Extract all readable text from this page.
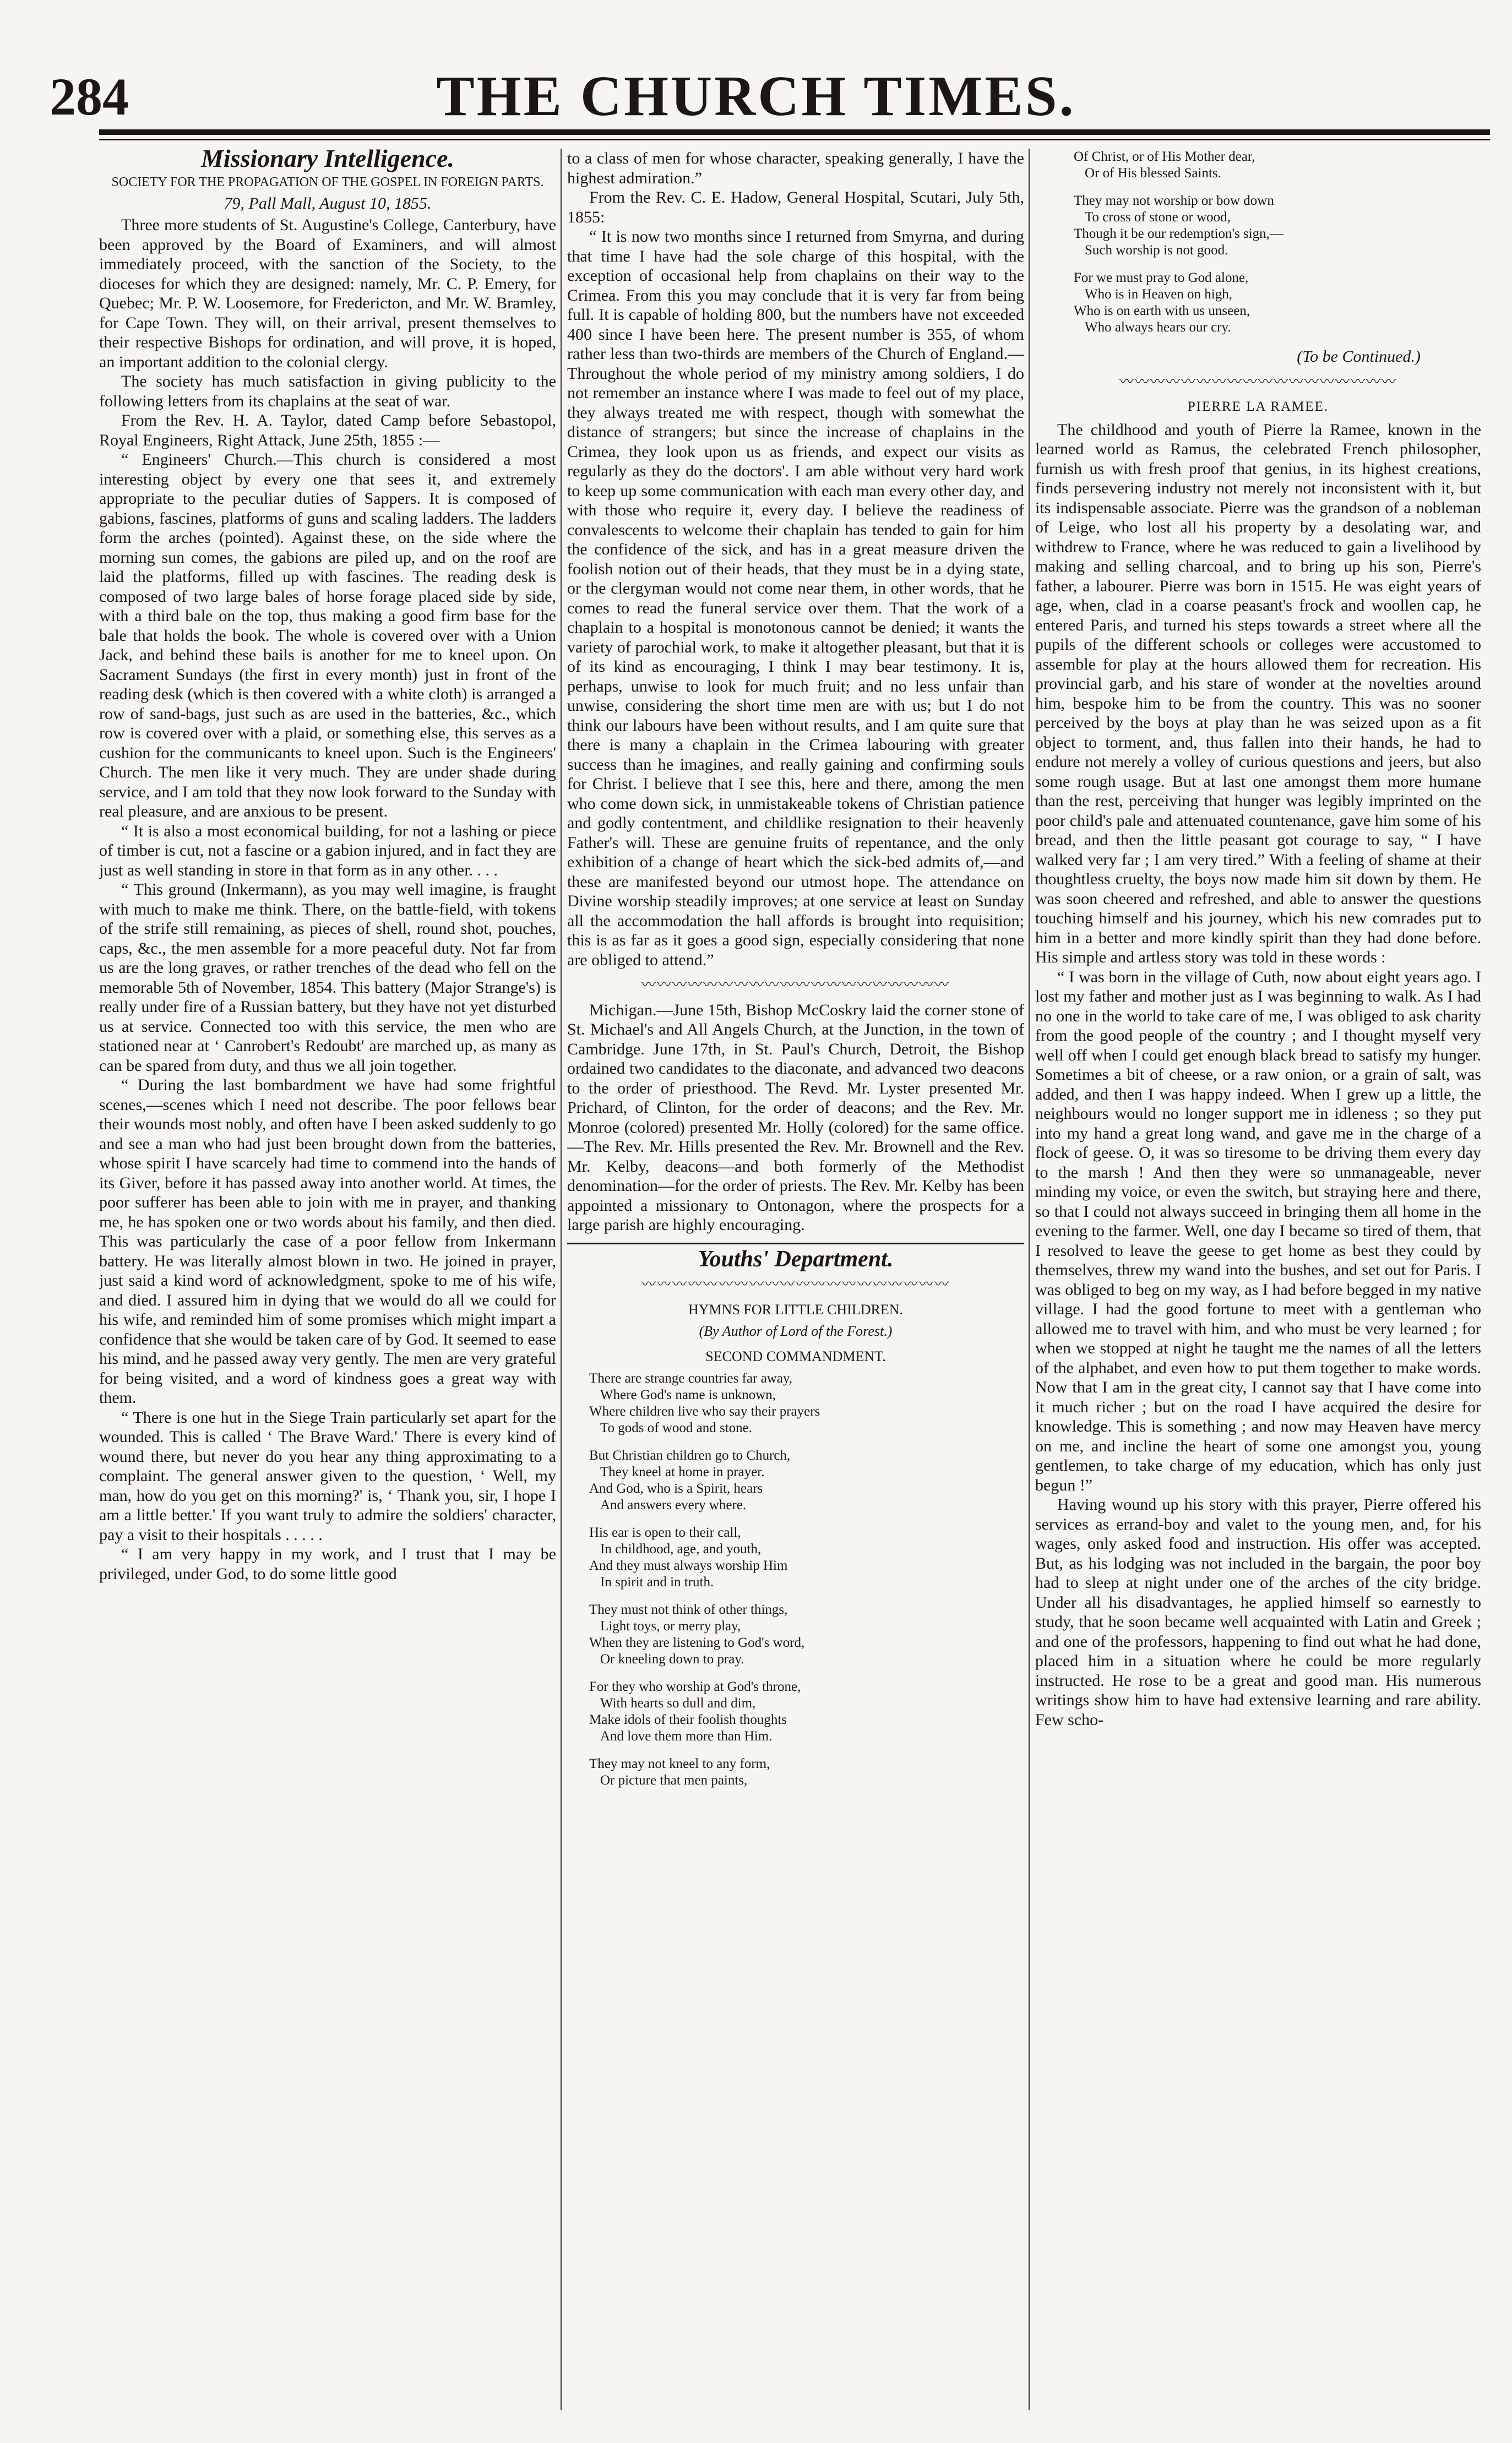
284	THE CHURCH TIMES.
Missionary Intelligence.
SOCIETY FOR THE PROPAGATION OF THE GOSPEL IN FOREIGN PARTS.
79, Pall Mall, August 10, 1855.

Three more students of St. Augustine's College, Canterbury, have been approved by the Board of Examiners, and will almost immediately proceed, with the sanction of the Society, to the dioceses for which they are designed: namely, Mr. C. P. Emery, for Quebec; Mr. P. W. Loosemore, for Fredericton, and Mr. W. Bramley, for Cape Town. They will, on their arrival, present themselves to their respective Bishops for ordination, and will prove, it is hoped, an important addition to the colonial clergy.

The society has much satisfaction in giving publicity to the following letters from its chaplains at the seat of war.

From the Rev. H. A. Taylor, dated Camp before Sebastopol, Royal Engineers, Right Attack, June 25th, 1855 :—

“ Engineers' Church.—This church is considered a most interesting object by every one that sees it, and extremely appropriate to the peculiar duties of Sappers. It is composed of gabions, fascines, platforms of guns and scaling ladders. The ladders form the arches (pointed). Against these, on the side where the morning sun comes, the gabions are piled up, and on the roof are laid the platforms, filled up with fascines. The reading desk is composed of two large bales of horse forage placed side by side, with a third bale on the top, thus making a good firm base for the bale that holds the book. The whole is covered over with a Union Jack, and behind these bails is another for me to kneel upon. On Sacrament Sundays (the first in every month) just in front of the reading desk (which is then covered with a white cloth) is arranged a row of sand-bags, just such as are used in the batteries, &c., which row is covered over with a plaid, or something else, this serves as a cushion for the communicants to kneel upon. Such is the Engineers' Church. The men like it very much. They are under shade during service, and I am told that they now look forward to the Sunday with real pleasure, and are anxious to be present.

“ It is also a most economical building, for not a lashing or piece of timber is cut, not a fascine or a gabion injured, and in fact they are just as well standing in store in that form as in any other. . . .

“ This ground (Inkermann), as you may well imagine, is fraught with much to make me think. There, on the battle-field, with tokens of the strife still remaining, as pieces of shell, round shot, pouches, caps, &c., the men assemble for a more peaceful duty. Not far from us are the long graves, or rather trenches of the dead who fell on the memorable 5th of November, 1854. This battery (Major Strange's) is really under fire of a Russian battery, but they have not yet disturbed us at service. Connected too with this service, the men who are stationed near at ‘ Canrobert's Redoubt' are marched up, as many as can be spared from duty, and thus we all join together.

“ During the last bombardment we have had some frightful scenes,—scenes which I need not describe. The poor fellows bear their wounds most nobly, and often have I been asked suddenly to go and see a man who had just been brought down from the batteries, whose spirit I have scarcely had time to commend into the hands of its Giver, before it has passed away into another world. At times, the poor sufferer has been able to join with me in prayer, and thanking me, he has spoken one or two words about his family, and then died. This was particularly the case of a poor fellow from Inkermann battery. He was literally almost blown in two. He joined in prayer, just said a kind word of acknowledgment, spoke to me of his wife, and died. I assured him in dying that we would do all we could for his wife, and reminded him of some promises which might impart a confidence that she would be taken care of by God. It seemed to ease his mind, and he passed away very gently. The men are very grateful for being visited, and a word of kindness goes a great way with them.

“ There is one hut in the Siege Train particularly set apart for the wounded. This is called ‘ The Brave Ward.' There is every kind of wound there, but never do you hear any thing approximating to a complaint. The general answer given to the question, ‘ Well, my man, how do you get on this morning?' is, ‘ Thank you, sir, I hope I am a little better.' If you want truly to admire the soldiers' character, pay a visit to their hospitals . . . . .

“ I am very happy in my work, and I trust that I may be privileged, under God, to do some little good

to a class of men for whose character, speaking generally, I have the highest admiration.”

From the Rev. C. E. Hadow, General Hospital, Scutari, July 5th, 1855:

“ It is now two months since I returned from Smyrna, and during that time I have had the sole charge of this hospital, with the exception of occasional help from chaplains on their way to the Crimea. From this you may conclude that it is very far from being full. It is capable of holding 800, but the numbers have not exceeded 400 since I have been here. The present number is 355, of whom rather less than two-thirds are members of the Church of England.—Throughout the whole period of my ministry among soldiers, I do not remember an instance where I was made to feel out of my place, they always treated me with respect, though with somewhat the distance of strangers; but since the increase of chaplains in the Crimea, they look upon us as friends, and expect our visits as regularly as they do the doctors'. I am able without very hard work to keep up some communication with each man every other day, and with those who require it, every day. I believe the readiness of convalescents to welcome their chaplain has tended to gain for him the confidence of the sick, and has in a great measure driven the foolish notion out of their heads, that they must be in a dying state, or the clergyman would not come near them, in other words, that he comes to read the funeral service over them. That the work of a chaplain to a hospital is monotonous cannot be denied; it wants the variety of parochial work, to make it altogether pleasant, but that it is of its kind as encouraging, I think I may bear testimony. It is, perhaps, unwise to look for much fruit; and no less unfair than unwise, considering the short time men are with us; but I do not think our labours have been without results, and I am quite sure that there is many a chaplain in the Crimea labouring with greater success than he imagines, and really gaining and confirming souls for Christ. I believe that I see this, here and there, among the men who come down sick, in unmistakeable tokens of Christian patience and godly contentment, and childlike resignation to their heavenly Father's will. These are genuine fruits of repentance, and the only exhibition of a change of heart which the sick-bed admits of,—and these are manifested beyond our utmost hope. The attendance on Divine worship steadily improves; at one service at least on Sunday all the accommodation the hall affords is brought into requisition; this is as far as it goes a good sign, especially considering that none are obliged to attend.”

〰〰〰〰〰〰〰〰〰〰〰〰〰〰〰〰〰〰〰〰

Michigan.—June 15th, Bishop McCoskry laid the corner stone of St. Michael's and All Angels Church, at the Junction, in the town of Cambridge. June 17th, in St. Paul's Church, Detroit, the Bishop ordained two candidates to the diaconate, and advanced two deacons to the order of priesthood. The Revd. Mr. Lyster presented Mr. Prichard, of Clinton, for the order of deacons; and the Rev. Mr. Monroe (colored) presented Mr. Holly (colored) for the same office.—The Rev. Mr. Hills presented the Rev. Mr. Brownell and the Rev. Mr. Kelby, deacons—and both formerly of the Methodist denomination—for the order of priests. The Rev. Mr. Kelby has been appointed a missionary to Ontonagon, where the prospects for a large parish are highly encouraging.

Youths' Department.
〰〰〰〰〰〰〰〰〰〰〰〰〰〰〰〰〰〰〰〰
HYMNS FOR LITTLE CHILDREN.
(By Author of Lord of the Forest.)
SECOND COMMANDMENT.
There are strange countries far away,
Where God's name is unknown,
Where children live who say their prayers
To gods of wood and stone.
But Christian children go to Church,
They kneel at home in prayer.
And God, who is a Spirit, hears
And answers every where.
His ear is open to their call,
In childhood, age, and youth,
And they must always worship Him
In spirit and in truth.
They must not think of other things,
Light toys, or merry play,
When they are listening to God's word,
Or kneeling down to pray.
For they who worship at God's throne,
With hearts so dull and dim,
Make idols of their foolish thoughts
And love them more than Him.
They may not kneel to any form,
Or picture that men paints,
Of Christ, or of His Mother dear,
Or of His blessed Saints.
They may not worship or bow down
To cross of stone or wood,
Though it be our redemption's sign,—
Such worship is not good.
For we must pray to God alone,
Who is in Heaven on high,
Who is on earth with us unseen,
Who always hears our cry.
(To be Continued.)
〰〰〰〰〰〰〰〰〰〰〰〰〰〰〰〰〰〰
PIERRE LA RAMEE.

The childhood and youth of Pierre la Ramee, known in the learned world as Ramus, the celebrated French philosopher, furnish us with fresh proof that genius, in its highest creations, finds persevering industry not merely not inconsistent with it, but its indispensable associate. Pierre was the grandson of a nobleman of Leige, who lost all his property by a desolating war, and withdrew to France, where he was reduced to gain a livelihood by making and selling charcoal, and to bring up his son, Pierre's father, a labourer. Pierre was born in 1515. He was eight years of age, when, clad in a coarse peasant's frock and woollen cap, he entered Paris, and turned his steps towards a street where all the pupils of the different schools or colleges were accustomed to assemble for play at the hours allowed them for recreation. His provincial garb, and his stare of wonder at the novelties around him, bespoke him to be from the country. This was no sooner perceived by the boys at play than he was seized upon as a fit object to torment, and, thus fallen into their hands, he had to endure not merely a volley of curious questions and jeers, but also some rough usage. But at last one amongst them more humane than the rest, perceiving that hunger was legibly imprinted on the poor child's pale and attenuated countenance, gave him some of his bread, and then the little peasant got courage to say, “ I have walked very far ; I am very tired.” With a feeling of shame at their thoughtless cruelty, the boys now made him sit down by them. He was soon cheered and refreshed, and able to answer the questions touching himself and his journey, which his new comrades put to him in a better and more kindly spirit than they had done before. His simple and artless story was told in these words :

“ I was born in the village of Cuth, now about eight years ago. I lost my father and mother just as I was beginning to walk. As I had no one in the world to take care of me, I was obliged to ask charity from the good people of the country ; and I thought myself very well off when I could get enough black bread to satisfy my hunger. Sometimes a bit of cheese, or a raw onion, or a grain of salt, was added, and then I was happy indeed. When I grew up a little, the neighbours would no longer support me in idleness ; so they put into my hand a great long wand, and gave me in the charge of a flock of geese. O, it was so tiresome to be driving them every day to the marsh ! And then they were so unmanageable, never minding my voice, or even the switch, but straying here and there, so that I could not always succeed in bringing them all home in the evening to the farmer. Well, one day I became so tired of them, that I resolved to leave the geese to get home as best they could by themselves, threw my wand into the bushes, and set out for Paris. I was obliged to beg on my way, as I had before begged in my native village. I had the good fortune to meet with a gentleman who allowed me to travel with him, and who must be very learned ; for when we stopped at night he taught me the names of all the letters of the alphabet, and even how to put them together to make words. Now that I am in the great city, I cannot say that I have come into it much richer ; but on the road I have acquired the desire for knowledge. This is something ; and now may Heaven have mercy on me, and incline the heart of some one amongst you, young gentlemen, to take charge of my education, which has only just begun !”

Having wound up his story with this prayer, Pierre offered his services as errand-boy and valet to the young men, and, for his wages, only asked food and instruction. His offer was accepted. But, as his lodging was not included in the bargain, the poor boy had to sleep at night under one of the arches of the city bridge. Under all his disadvantages, he applied himself so earnestly to study, that he soon became well acquainted with Latin and Greek ; and one of the professors, happening to find out what he had done, placed him in a situation where he could be more regularly instructed. He rose to be a great and good man. His numerous writings show him to have had extensive learning and rare ability. Few scho-
